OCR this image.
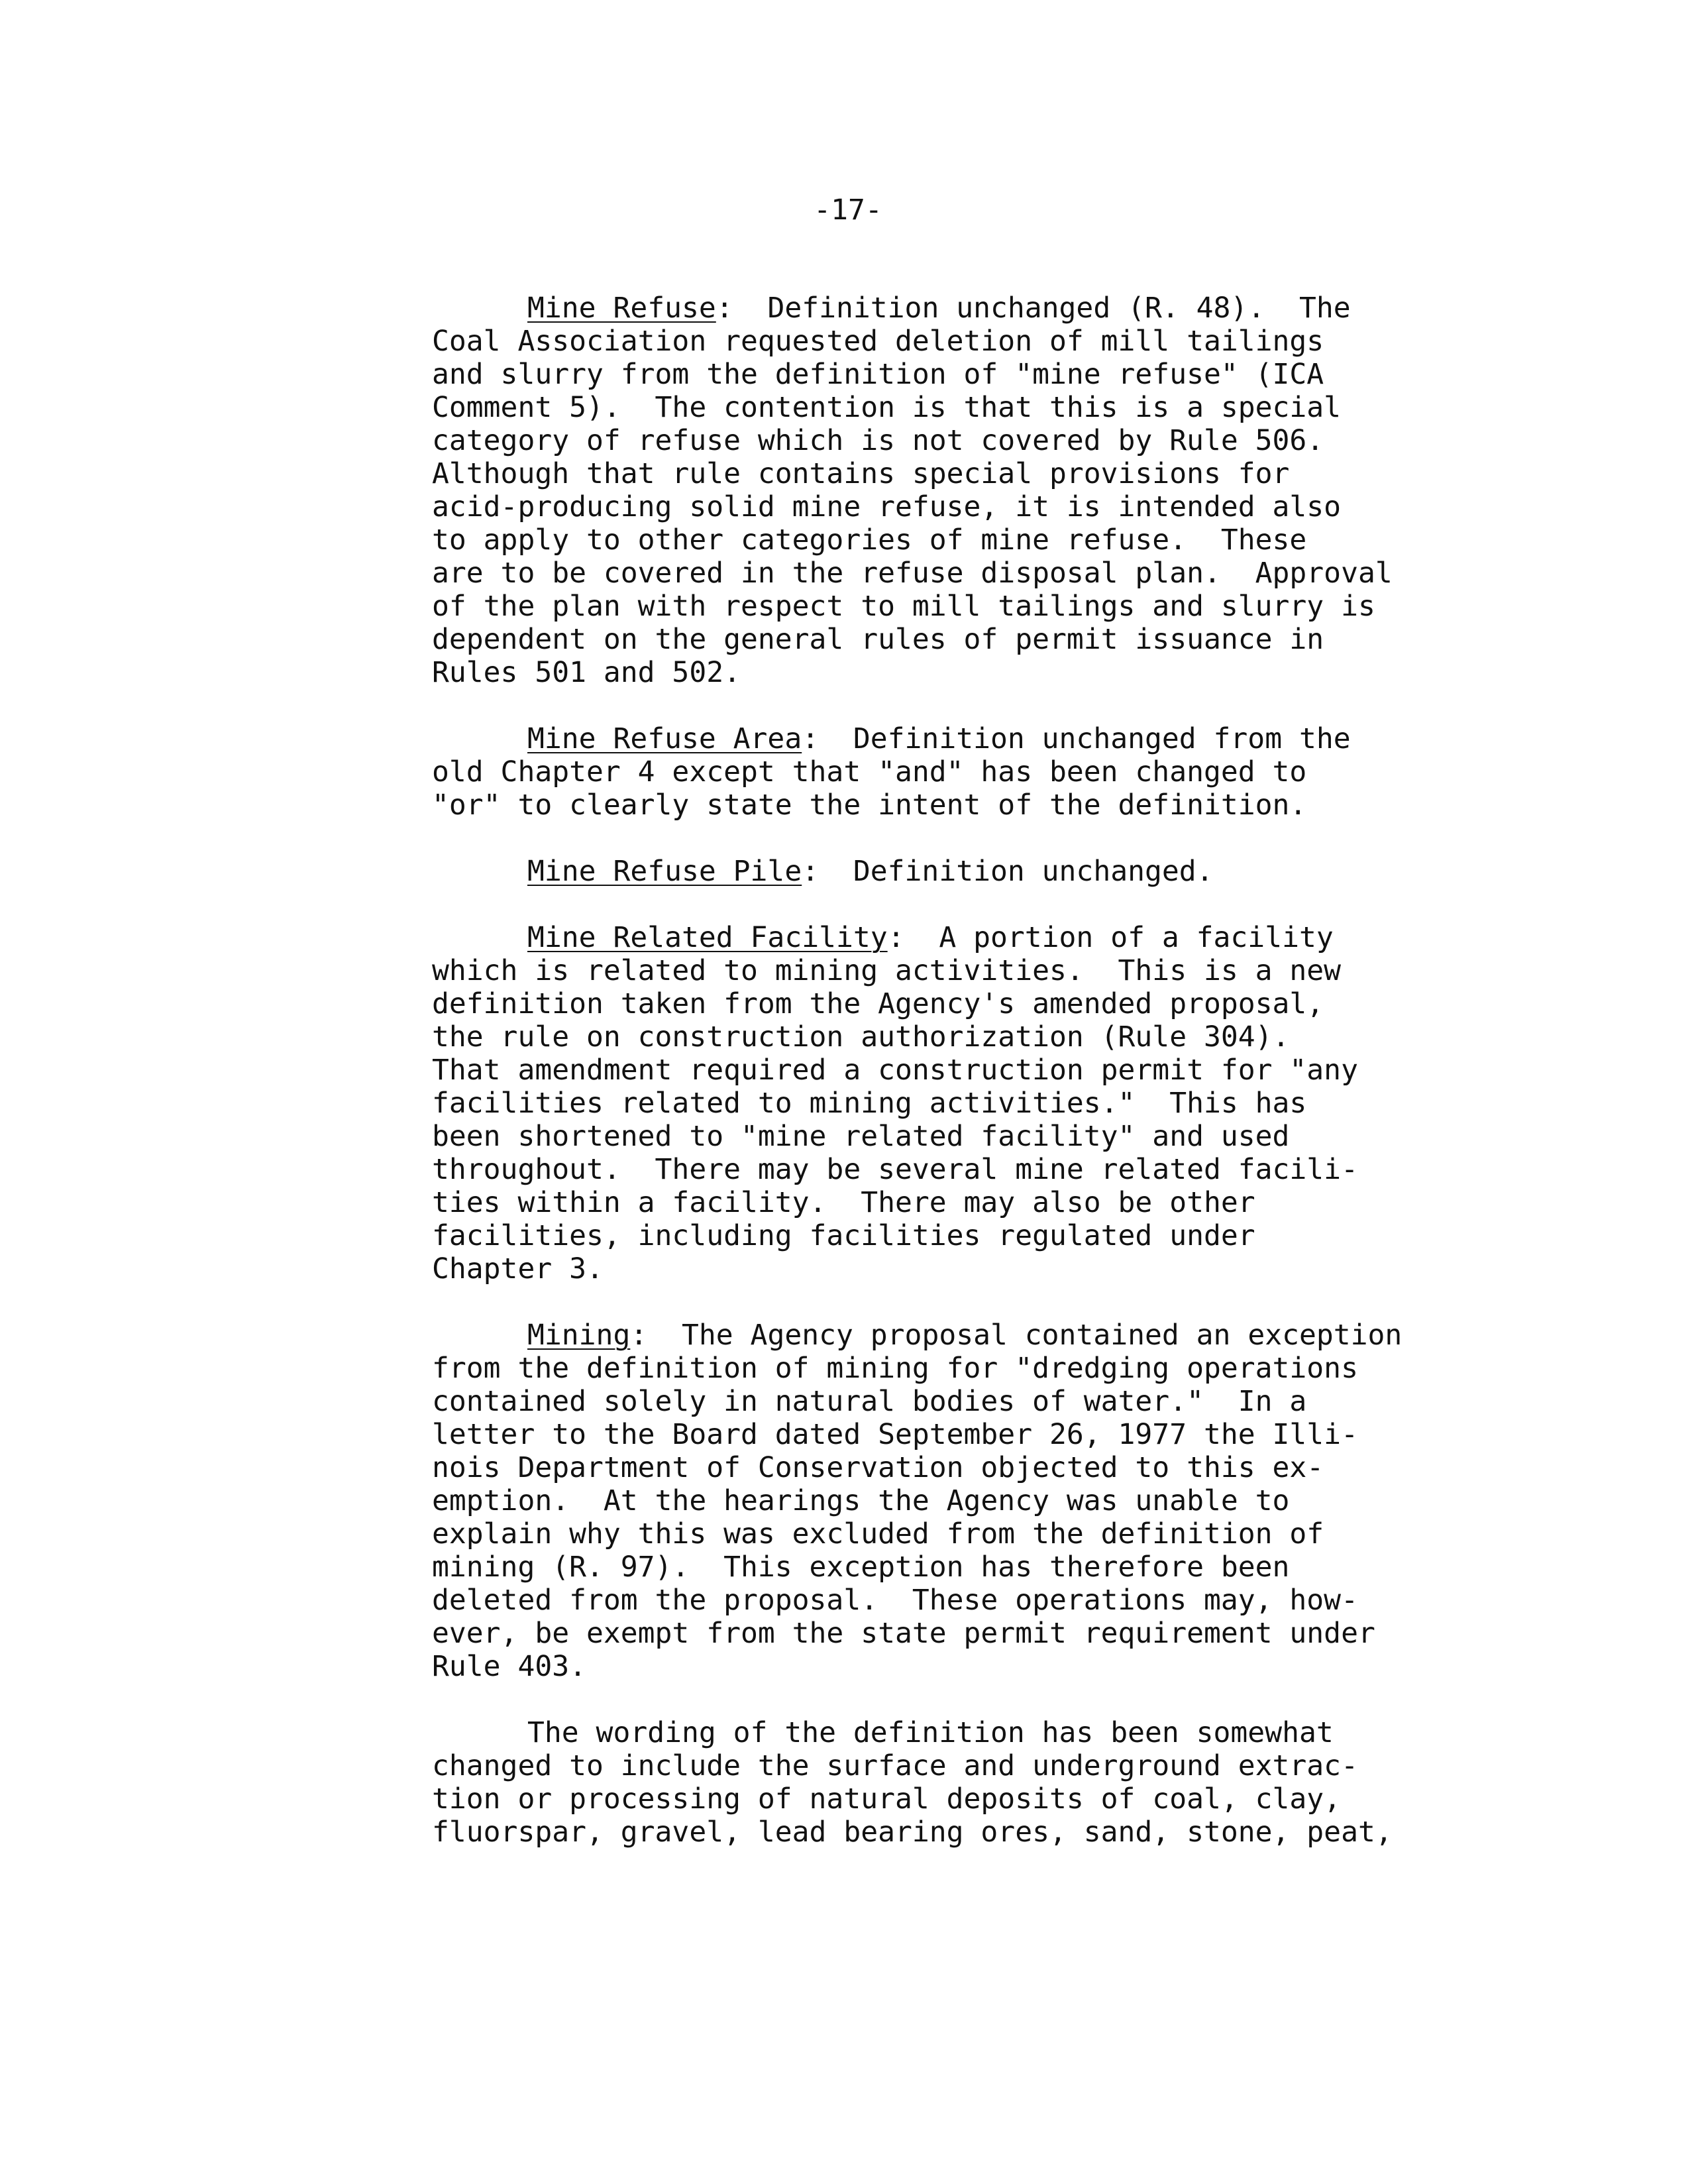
-17-
Mine Refuse:  Definition unchanged (R. 48).  The
Coal Association requested deletion of mill tailings
and slurry from the definition of "mine refuse" (ICA
Comment 5).  The contention is that this is a special
category of refuse which is not covered by Rule 506.
Although that rule contains special provisions for
acid-producing solid mine refuse, it is intended also
to apply to other categories of mine refuse.  These
are to be covered in the refuse disposal plan.  Approval
of the plan with respect to mill tailings and slurry is
dependent on the general rules of permit issuance in
Rules 501 and 502.
Mine Refuse Area:  Definition unchanged from the
old Chapter 4 except that "and" has been changed to
"or" to clearly state the intent of the definition.
Mine Refuse Pile:  Definition unchanged.
Mine Related Facility:  A portion of a facility
which is related to mining activities.  This is a new
definition taken from the Agency's amended proposal,
the rule on construction authorization (Rule 304).
That amendment required a construction permit for "any
facilities related to mining activities."  This has
been shortened to "mine related facility" and used
throughout.  There may be several mine related facili-
ties within a facility.  There may also be other
facilities, including facilities regulated under
Chapter 3.
Mining:  The Agency proposal contained an exception
from the definition of mining for "dredging operations
contained solely in natural bodies of water."  In a
letter to the Board dated September 26, 1977 the Illi-
nois Department of Conservation objected to this ex-
emption.  At the hearings the Agency was unable to
explain why this was excluded from the definition of
mining (R. 97).  This exception has therefore been
deleted from the proposal.  These operations may, how-
ever, be exempt from the state permit requirement under
Rule 403.
The wording of the definition has been somewhat
changed to include the surface and underground extrac-
tion or processing of natural deposits of coal, clay,
fluorspar, gravel, lead bearing ores, sand, stone, peat,
